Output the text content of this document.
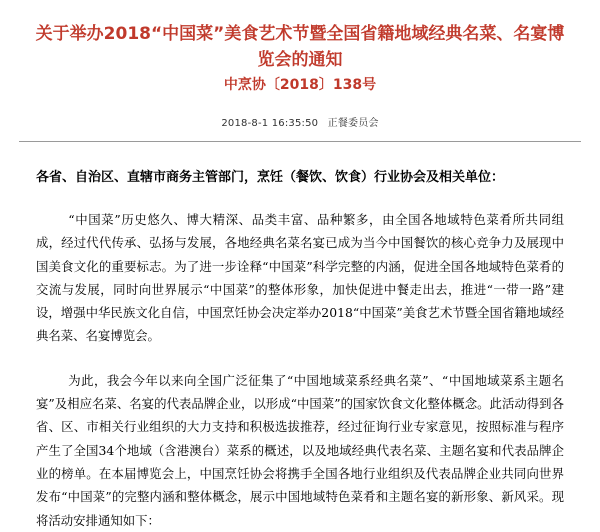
关于举办2018“中国菜”美食艺术节暨全国省籍地域经典名菜、名宴博览会的通知
中烹协〔2018〕138号
2018-8-1 16:35:50 正餐委员会
各省、自治区、直辖市商务主管部门，烹饪（餐饮、饮食）行业协会及相关单位：

“中国菜”历史悠久、博大精深、品类丰富、品种繁多，由全国各地域特色菜肴所共同组成，经过代代传承、弘扬与发展，各地经典名菜名宴已成为当今中国餐饮的核心竞争力及展现中国美食文化的重要标志。为了进一步诠释“中国菜”科学完整的内涵，促进全国各地域特色菜肴的交流与发展，同时向世界展示“中国菜”的整体形象，加快促进中餐走出去，推进“一带一路”建设，增强中华民族文化自信，中国烹饪协会决定举办2018“中国菜”美食艺术节暨全国省籍地域经典名菜、名宴博览会。

为此，我会今年以来向全国广泛征集了“中国地域菜系经典名菜”、“中国地域菜系主题名宴”及相应名菜、名宴的代表品牌企业，以形成“中国菜”的国家饮食文化整体概念。此活动得到各省、区、市相关行业组织的大力支持和积极选拔推荐，经过征询行业专家意见，按照标准与程序产生了全国34个地域（含港澳台）菜系的概述，以及地域经典代表名菜、主题名宴和代表品牌企业的榜单。在本届博览会上，中国烹饪协会将携手全国各地行业组织及代表品牌企业共同向世界发布“中国菜”的完整内涵和整体概念，展示中国地域特色菜肴和主题名宴的新形象、新风采。现将活动安排通知如下：
